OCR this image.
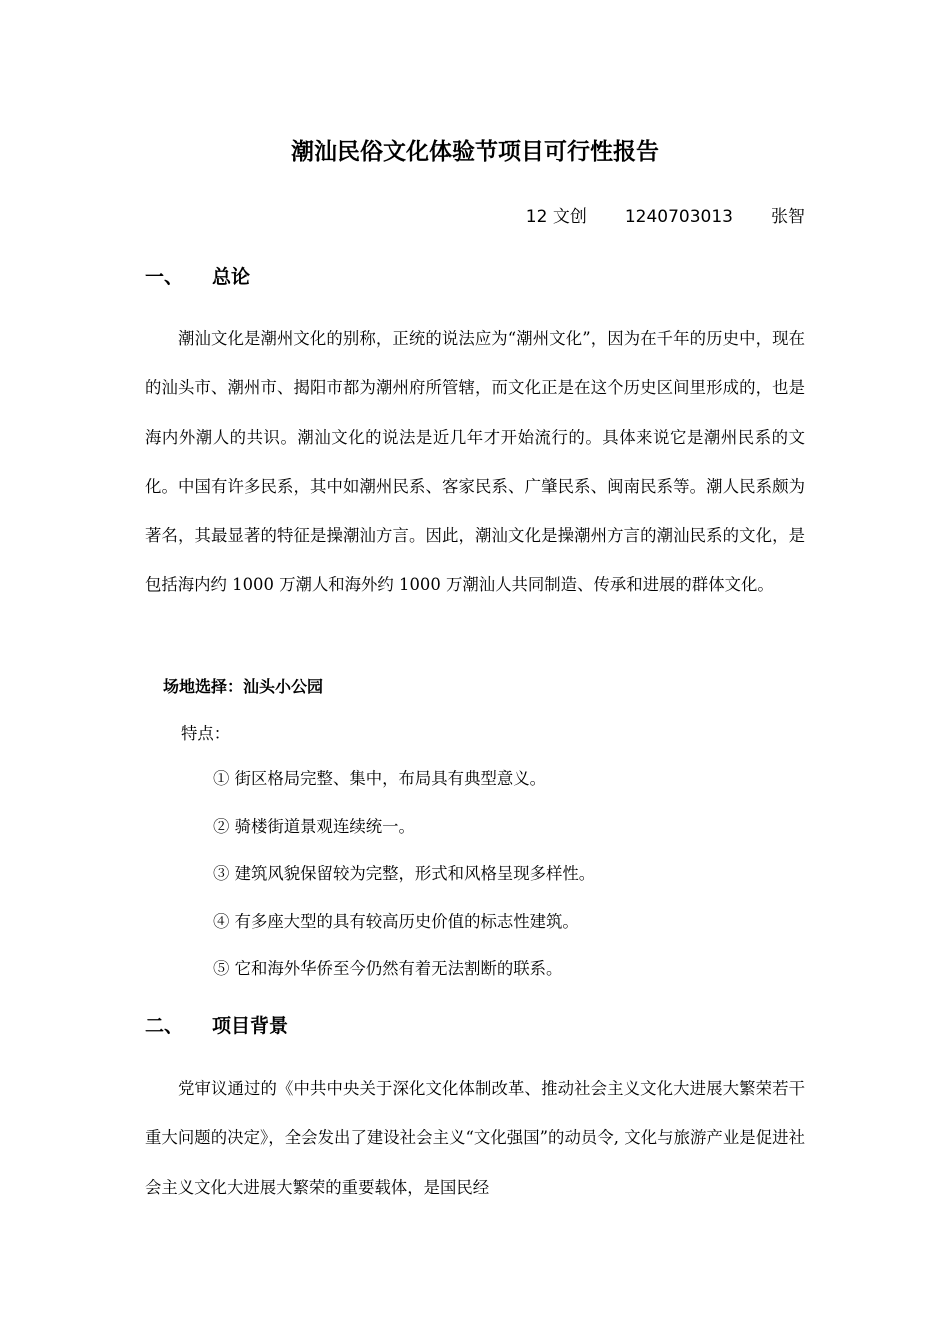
潮汕民俗文化体验节项目可行性报告
12 文创 1240703013 张智
一、 总论

潮汕文化是潮州文化的别称，正统的说法应为“潮州文化”，因为在千年的历史中，现在的汕头市、潮州市、揭阳市都为潮州府所管辖，而文化正是在这个历史区间里形成的，也是海内外潮人的共识。潮汕文化的说法是近几年才开始流行的。具体来说它是潮州民系的文化。中国有许多民系，其中如潮州民系、客家民系、广肇民系、闽南民系等。潮人民系颇为著名，其最显著的特征是操潮汕方言。因此，潮汕文化是操潮州方言的潮汕民系的文化，是包括海内约 1000 万潮人和海外约 1000 万潮汕人共同制造、传承和进展的群体文化。

场地选择：汕头小公园

特点：

① 街区格局完整、集中，布局具有典型意义。
② 骑楼街道景观连续统一。
③ 建筑风貌保留较为完整，形式和风格呈现多样性。
④ 有多座大型的具有较高历史价值的标志性建筑。
⑤ 它和海外华侨至今仍然有着无法割断的联系。
二、 项目背景

党审议通过的《中共中央关于深化文化体制改革、推动社会主义文化大进展大繁荣若干重大问题的决定》，全会发出了建设社会主义“文化强国”的动员令, 文化与旅游产业是促进社会主义文化大进展大繁荣的重要载体，是国民经
